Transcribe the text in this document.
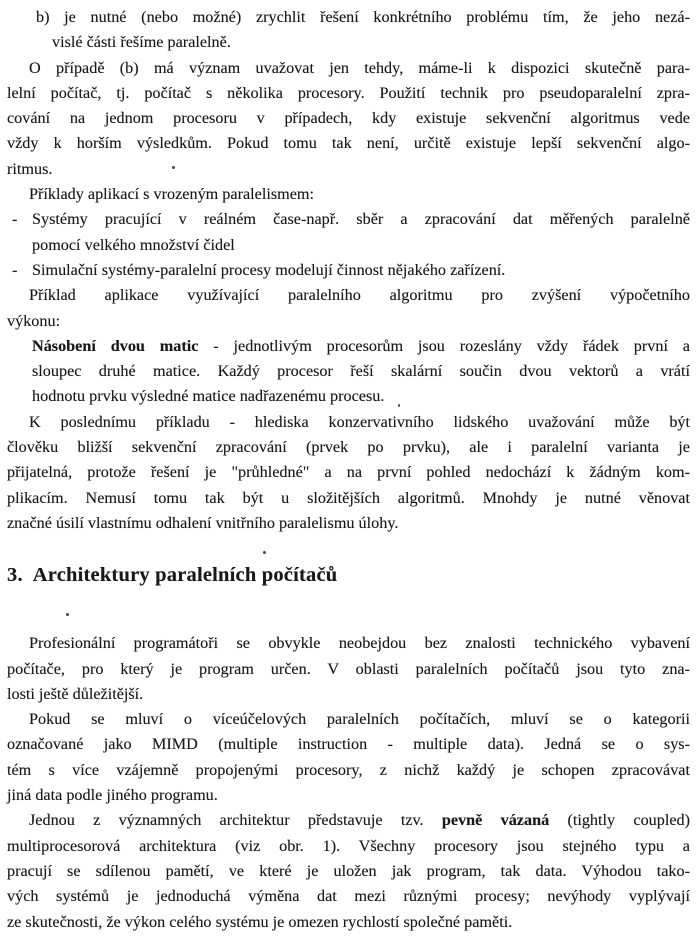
b) je nutné (nebo možné) zrychlit řešení konkrétního problému tím, že jeho nezá-
vislé části řešíme paralelně.
O případě (b) má význam uvažovat jen tehdy, máme-li k dispozici skutečně para-
lelní počítač, tj. počítač s několika procesory. Použití technik pro pseudoparalelní zpra-
cování na jednom procesoru v případech, kdy existuje sekvenční algoritmus vede
vždy k horším výsledkům. Pokud tomu tak není, určitě existuje lepší sekvenční algo-
ritmus.
Příklady aplikací s vrozeným paralelismem:
- Systémy pracující v reálném čase-např. sběr a zpracování dat měřených paralelně
pomocí velkého množství čidel
- Simulační systémy-paralelní procesy modelují činnost nějakého zařízení.
Příklad aplikace využívající paralelního algoritmu pro zvýšení výpočetního
výkonu:
Násobení dvou matic - jednotlivým procesorům jsou rozeslány vždy řádek první a
sloupec druhé matice. Každý procesor řeší skalární součin dvou vektorů a vrátí
hodnotu prvku výsledné matice nadřazenému procesu.
K poslednímu příkladu - hlediska konzervativního lidského uvažování může být
člověku bližší sekvenční zpracování (prvek po prvku), ale i paralelní varianta je
přijatelná, protože řešení je "průhledné" a na první pohled nedochází k žádným kom-
plikacím. Nemusí tomu tak být u složitějších algoritmů. Mnohdy je nutné věnovat
značné úsilí vlastnímu odhalení vnitřního paralelismu úlohy.
3. Architektury paralelních počítačů
Profesionální programátoři se obvykle neobejdou bez znalosti technického vybavení
počítače, pro který je program určen. V oblasti paralelních počítačů jsou tyto zna-
losti ještě důležitější.
Pokud se mluví o víceúčelových paralelních počítačích, mluví se o kategorii
označované jako MIMD (multiple instruction - multiple data). Jedná se o sys-
tém s více vzájemně propojenými procesory, z nichž každý je schopen zpracovávat
jiná data podle jiného programu.
Jednou z významných architektur představuje tzv. pevně vázaná (tightly coupled)
multiprocesorová architektura (viz obr. 1). Všechny procesory jsou stejného typu a
pracují se sdílenou pamětí, ve které je uložen jak program, tak data. Výhodou tako-
vých systémů je jednoduchá výměna dat mezi různými procesy; nevýhody vyplývají
ze skutečnosti, že výkon celého systému je omezen rychlostí společné paměti.
